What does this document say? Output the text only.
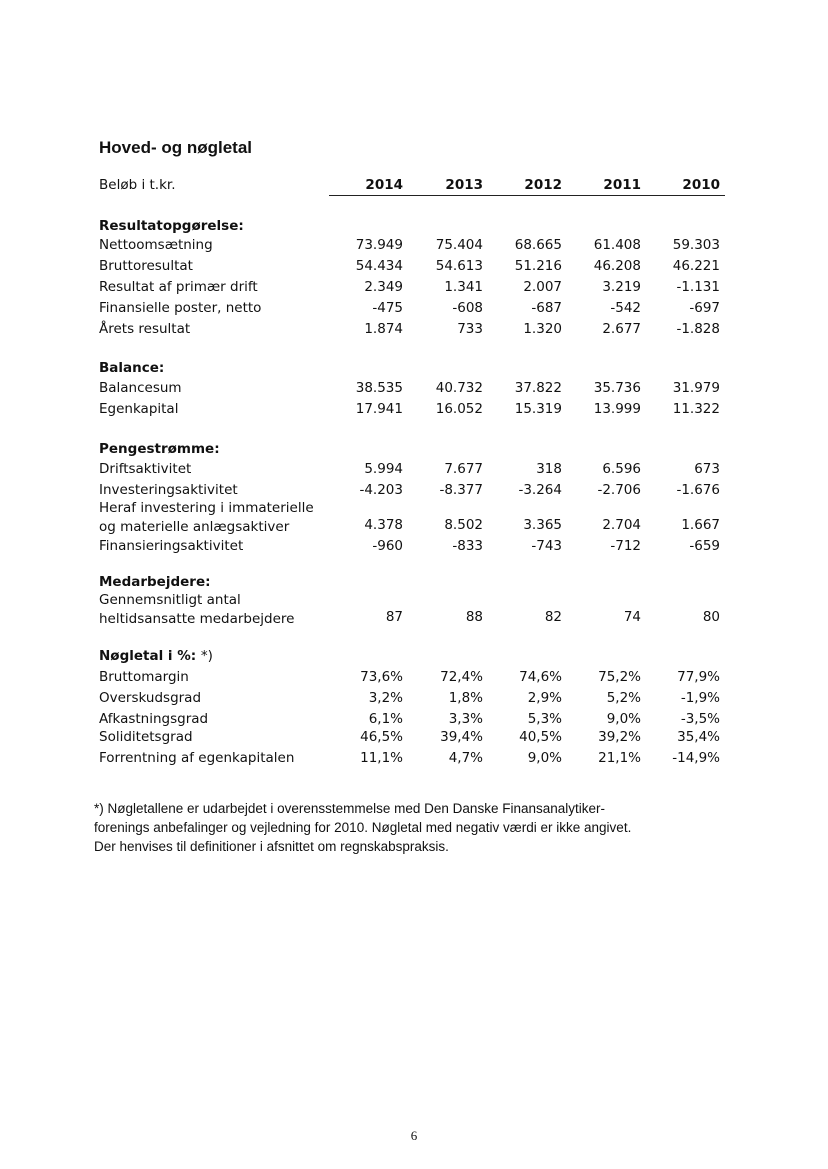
Hoved- og nøgletal
Beløb i t.kr.	2014	2013	2012	2011	2010
Resultatopgørelse:
Nettoomsætning	73.949	75.404	68.665	61.408	59.303
Bruttoresultat	54.434	54.613	51.216	46.208	46.221
Resultat af primær drift	2.349	1.341	2.007	3.219	-1.131
Finansielle poster, netto	-475	-608	-687	-542	-697
Årets resultat	1.874	733	1.320	2.677	-1.828
Balance:
Balancesum	38.535	40.732	37.822	35.736	31.979
Egenkapital	17.941	16.052	15.319	13.999	11.322
Pengestrømme:
Driftsaktivitet	5.994	7.677	318	6.596	673
Investeringsaktivitet	-4.203	-8.377	-3.264	-2.706	-1.676
Heraf investering i immaterielle
og materielle anlægsaktiver	4.378	8.502	3.365	2.704	1.667
Finansieringsaktivitet	-960	-833	-743	-712	-659
Medarbejdere:
Gennemsnitligt antal
heltidsansatte medarbejdere	87	88	82	74	80
Nøgletal i %: *)
Bruttomargin	73,6%	72,4%	74,6%	75,2%	77,9%
Overskudsgrad	3,2%	1,8%	2,9%	5,2%	-1,9%
Afkastningsgrad	6,1%	3,3%	5,3%	9,0%	-3,5%
Soliditetsgrad	46,5%	39,4%	40,5%	39,2%	35,4%
Forrentning af egenkapitalen	11,1%	4,7%	9,0%	21,1%	-14,9%
*) Nøgletallene er udarbejdet i overensstemmelse med Den Danske Finansanalytiker-
forenings anbefalinger og vejledning for 2010. Nøgletal med negativ værdi er ikke angivet.
Der henvises til definitioner i afsnittet om regnskabspraksis.
6
